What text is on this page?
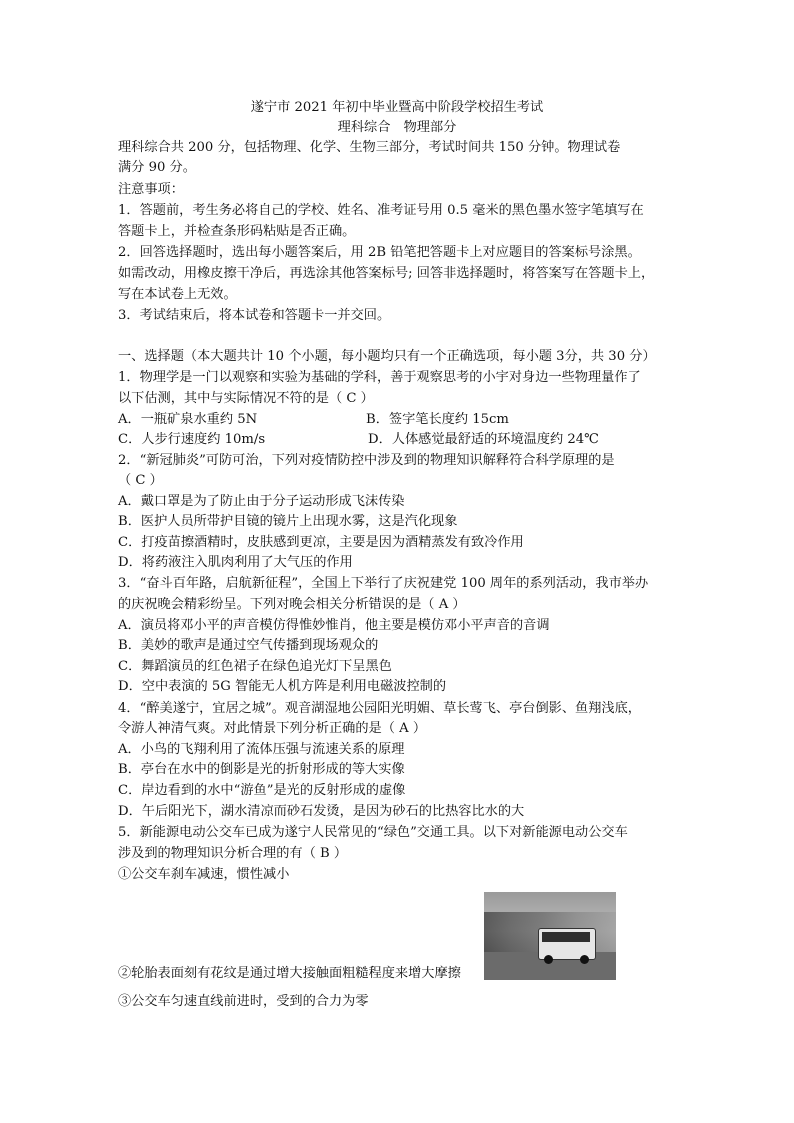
遂宁市 2021 年初中毕业暨高中阶段学校招生考试
理科综合　物理部分
理科综合共 200 分，包括物理、化学、生物三部分，考试时间共 150 分钟。物理试卷
满分 90 分。
注意事项：
1．答题前，考生务必将自己的学校、姓名、准考证号用 0.5 毫米的黑色墨水签字笔填写在
答题卡上，并检查条形码粘贴是否正确。
2．回答选择题时，选出每小题答案后，用 2B 铅笔把答题卡上对应题目的答案标号涂黑。
如需改动，用橡皮擦干净后，再选涂其他答案标号; 回答非选择题时，将答案写在答题卡上，
写在本试卷上无效。
3．考试结束后，将本试卷和答题卡一并交回。
一、选择题（本大题共计 10 个小题，每小题均只有一个正确选项，每小题 3分，共 30 分）
1．物理学是一门以观察和实验为基础的学科，善于观察思考的小宇对身边一些物理量作了
以下估测，其中与实际情况不符的是（ C ）
A．一瓶矿泉水重约 5N	B．签字笔长度约 15cm
C．人步行速度约 10m/s	D．人体感觉最舒适的环境温度约 24℃
2．“新冠肺炎”可防可治，下列对疫情防控中涉及到的物理知识解释符合科学原理的是
（ C ）
A．戴口罩是为了防止由于分子运动形成飞沫传染
B．医护人员所带护目镜的镜片上出现水雾，这是汽化现象
C．打疫苗擦酒精时，皮肤感到更凉，主要是因为酒精蒸发有致冷作用
D．将药液注入肌肉利用了大气压的作用
3．“奋斗百年路，启航新征程”，全国上下举行了庆祝建党 100 周年的系列活动，我市举办
的庆祝晚会精彩纷呈。下列对晚会相关分析错误的是（ A ）
A．演员将邓小平的声音模仿得惟妙惟肖，他主要是模仿邓小平声音的音调
B．美妙的歌声是通过空气传播到现场观众的
C．舞蹈演员的红色裙子在绿色追光灯下呈黑色
D．空中表演的 5G 智能无人机方阵是利用电磁波控制的
4．“醉美遂宁，宜居之城”。观音湖湿地公园阳光明媚、草长莺飞、亭台倒影、鱼翔浅底，
令游人神清气爽。对此情景下列分析正确的是（ A ）
A．小鸟的飞翔利用了流体压强与流速关系的原理
B．亭台在水中的倒影是光的折射形成的等大实像
C．岸边看到的水中“游鱼”是光的反射形成的虚像
D．午后阳光下，湖水清凉而砂石发烫，是因为砂石的比热容比水的大
5．新能源电动公交车已成为遂宁人民常见的“绿色”交通工具。以下对新能源电动公交车
涉及到的物理知识分析合理的有（ B ）
①公交车刹车减速，惯性减小
②轮胎表面刻有花纹是通过增大接触面粗糙程度来增大摩擦
③公交车匀速直线前进时，受到的合力为零
